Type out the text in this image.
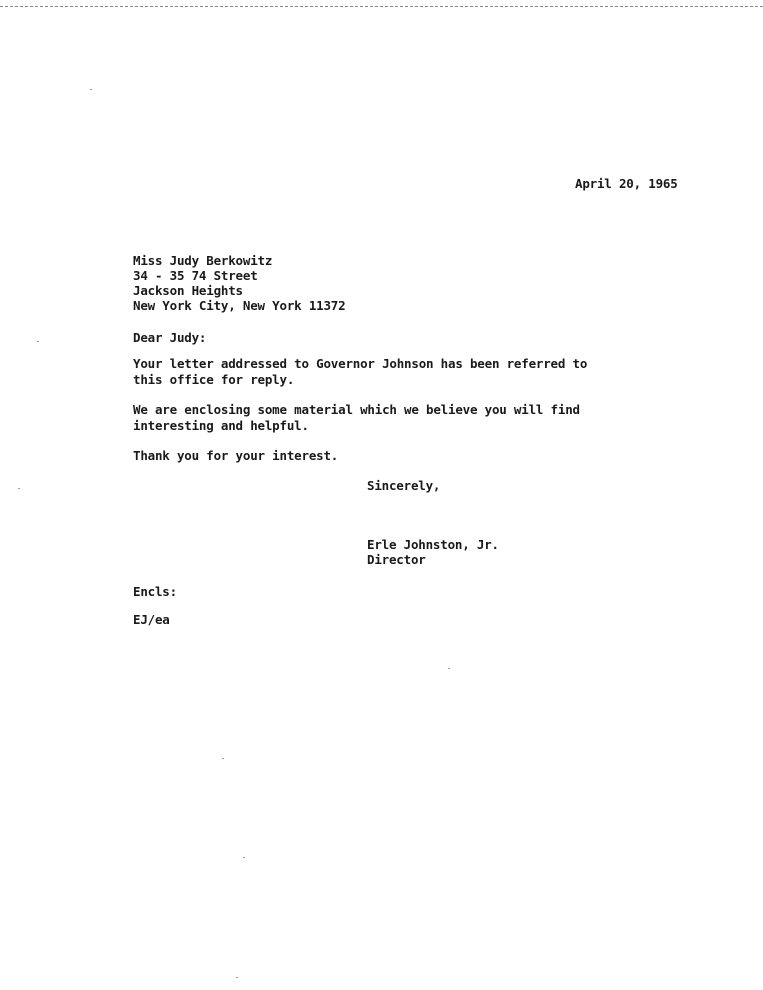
April 20, 1965
Miss Judy Berkowitz
34 - 35 74 Street
Jackson Heights
New York City, New York 11372
Dear Judy:
Your letter addressed to Governor Johnson has been referred to
this office for reply.
We are enclosing some material which we believe you will find
interesting and helpful.
Thank you for your interest.
Sincerely,
Erle Johnston, Jr.
Director
Encls:
EJ/ea
